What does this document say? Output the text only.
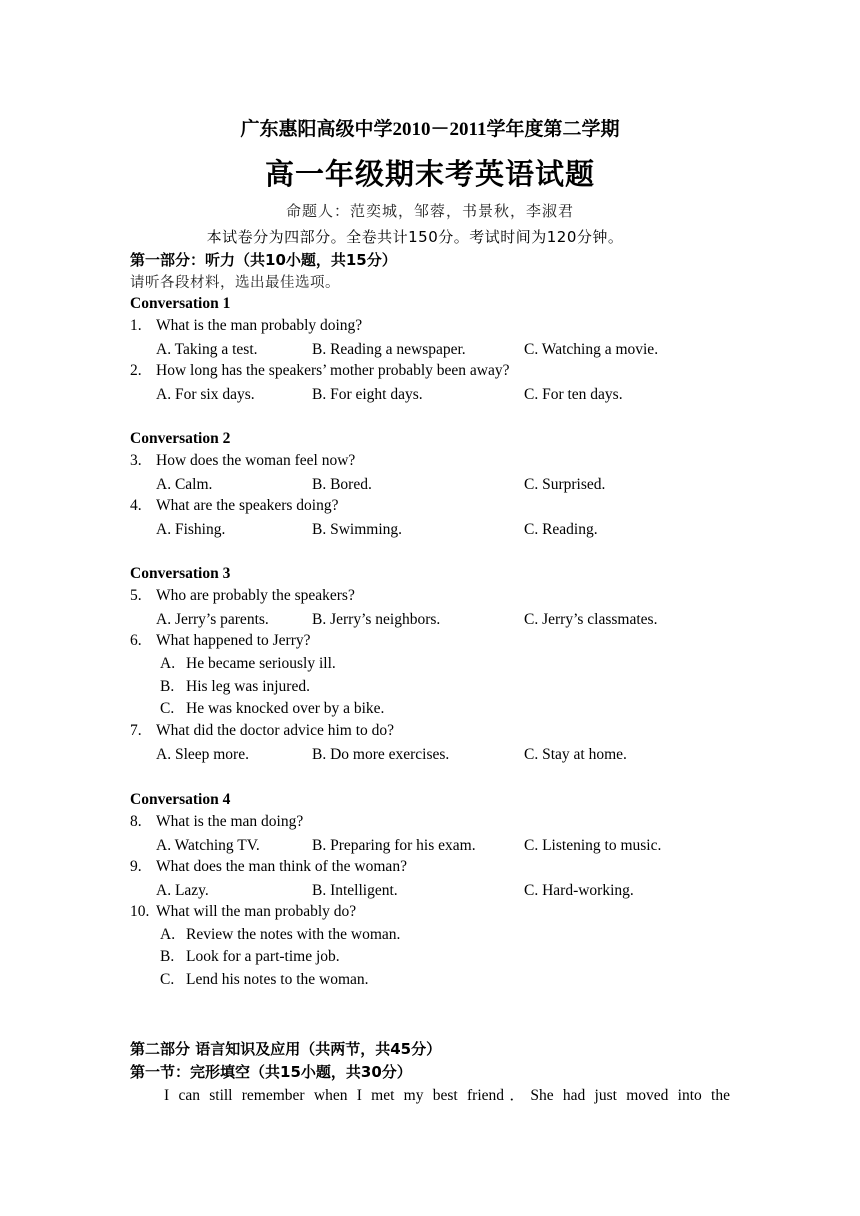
广东惠阳高级中学2010－2011学年度第二学期
高一年级期末考英语试题
命题人：范奕城，邹蓉，书景秋，李淑君
本试卷分为四部分。全卷共计150分。考试时间为120分钟。
第一部分：听力（共10小题，共15分）
请听各段材料，选出最佳选项。
Conversation 1
1. What is the man probably doing?
A. Taking a test.	B. Reading a newspaper.	C. Watching a movie.
2. How long has the speakers’ mother probably been away?
A. For six days.	B. For eight days.	C. For ten days.
Conversation 2
3. How does the woman feel now?
A. Calm.	B. Bored.	C. Surprised.
4. What are the speakers doing?
A. Fishing.	B. Swimming.	C. Reading.
Conversation 3
5. Who are probably the speakers?
A. Jerry’s parents.	B. Jerry’s neighbors.	C. Jerry’s classmates.
6. What happened to Jerry?
A. He became seriously ill.
B. His leg was injured.
C. He was knocked over by a bike.
7. What did the doctor advice him to do?
A. Sleep more.	B. Do more exercises.	C. Stay at home.
Conversation 4
8. What is the man doing?
A. Watching TV.	B. Preparing for his exam.	C. Listening to music.
9. What does the man think of the woman?
A. Lazy.	B. Intelligent.	C. Hard-working.
10. What will the man probably do?
A. Review the notes with the woman.
B. Look for a part-time job.
C. Lend his notes to the woman.
第二部分 语言知识及应用（共两节，共45分）
第一节：完形填空（共15小题，共30分）
I can still remember when I met my best friend．She had just moved into the
